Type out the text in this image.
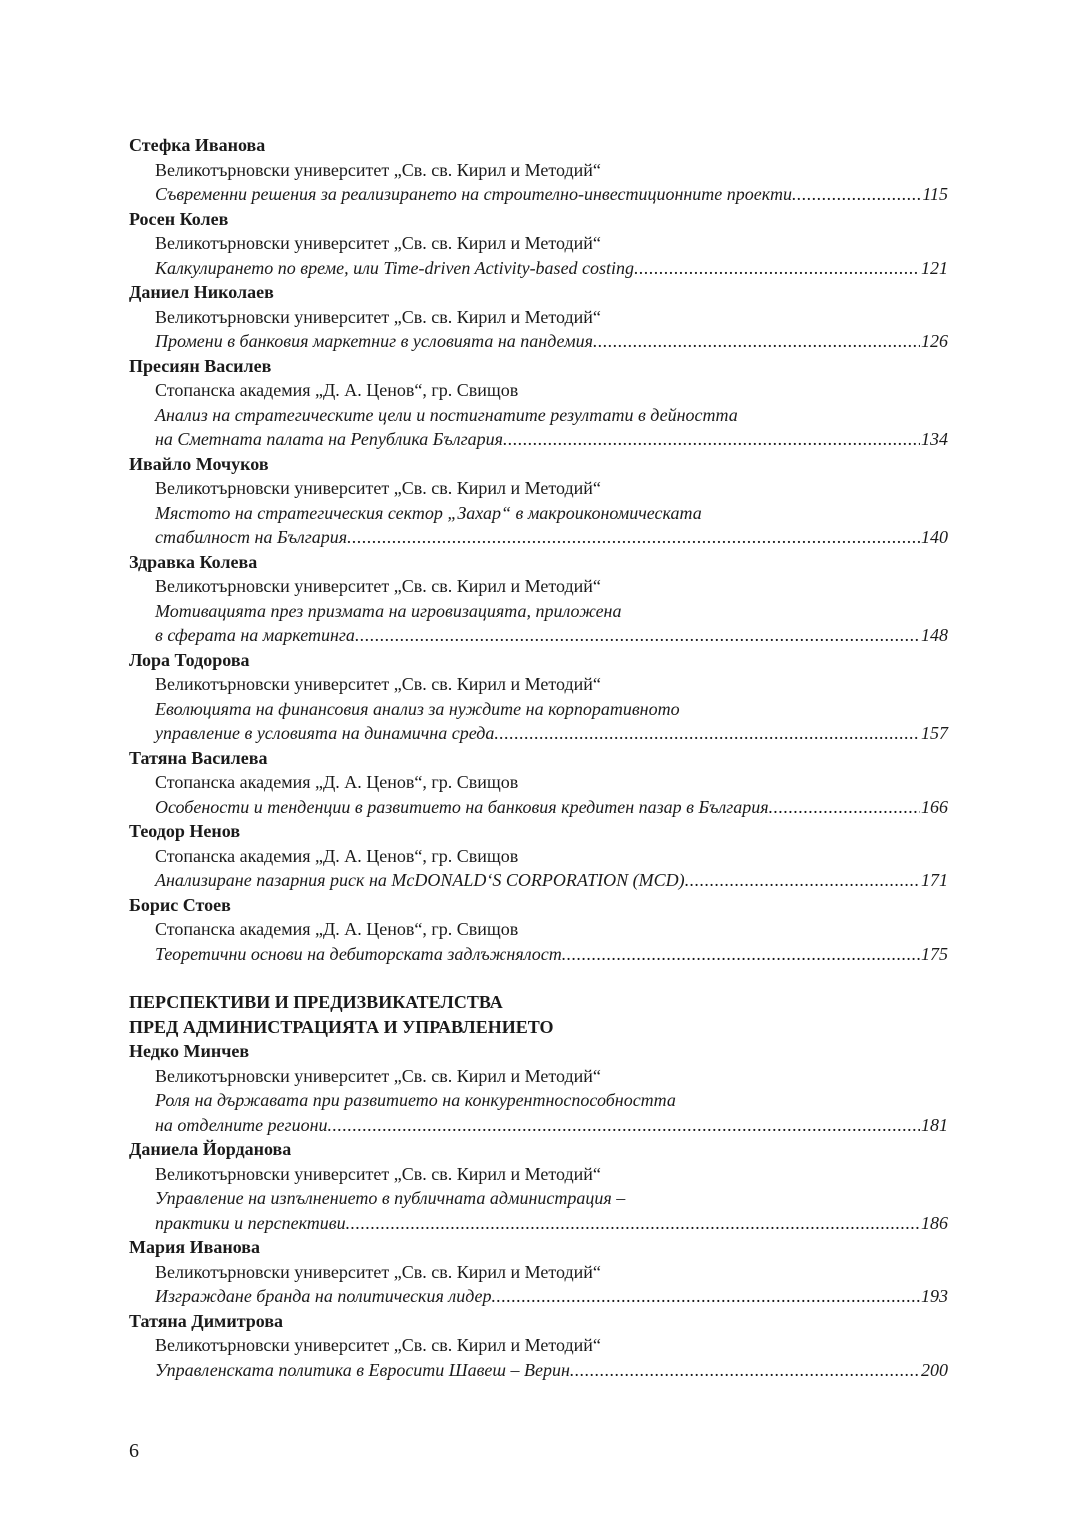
Стефка Иванова
Великотърновски университет „Св. св. Кирил и Методий“
Съвременни решения за реализирането на строително-инвестиционните проекти .....	115
Росен Колев
Великотърновски университет „Св. св. Кирил и Методий“
Калкулирането по време, или Time-driven Activity-based costing .....	121
Даниел Николаев
Великотърновски университет „Св. св. Кирил и Методий“
Промени в банковия маркетниг в условията на пандемия .....	126
Пресиян Василев
Стопанска академия „Д. А. Ценов“, гр. Свищов
Анализ на стратегическите цели и постигнатите резултати в дейността
на Сметната палата на Република България .....	134
Ивайло Мочуков
Великотърновски университет „Св. св. Кирил и Методий“
Мястото на стратегическия сектор „Захар“ в макроикономическата
стабилност на България .....	140
Здравка Колева
Великотърновски университет „Св. св. Кирил и Методий“
Мотивацията през призмата на игровизацията, приложена
в сферата на маркетинга .....	148
Лора Тодорова
Великотърновски университет „Св. св. Кирил и Методий“
Еволюцията на финансовия анализ за нуждите на корпоративното
управление в условията на динамична среда .....	157
Татяна Василева
Стопанска академия „Д. А. Ценов“, гр. Свищов
Особености и тенденции в развитието на банковия кредитен пазар в България .....	166
Теодор Ненов
Стопанска академия „Д. А. Ценов“, гр. Свищов
Анализиране пазарния риск на McDONALD‘S CORPORATION (MCD) .....	171
Борис Стоев
Стопанска академия „Д. А. Ценов“, гр. Свищов
Теоретични основи на дебиторската задлъжнялост .....	175
ПЕРСПЕКТИВИ И ПРЕДИЗВИКАТЕЛСТВА
ПРЕД АДМИНИСТРАЦИЯТА И УПРАВЛЕНИЕТО
Недко Минчев
Великотърновски университет „Св. св. Кирил и Методий“
Роля на държавата при развитието на конкурентноспособността
на отделните региони .....	181
Даниела Йорданова
Великотърновски университет „Св. св. Кирил и Методий“
Управление на изпълнението в публичната администрация –
практики и перспективи .....	186
Мария Иванова
Великотърновски университет „Св. св. Кирил и Методий“
Изграждане бранда на политическия лидер .....	193
Татяна Димитрова
Великотърновски университет „Св. св. Кирил и Методий“
Управленската политика в Евросити Шавеш – Верин .....	200
6
